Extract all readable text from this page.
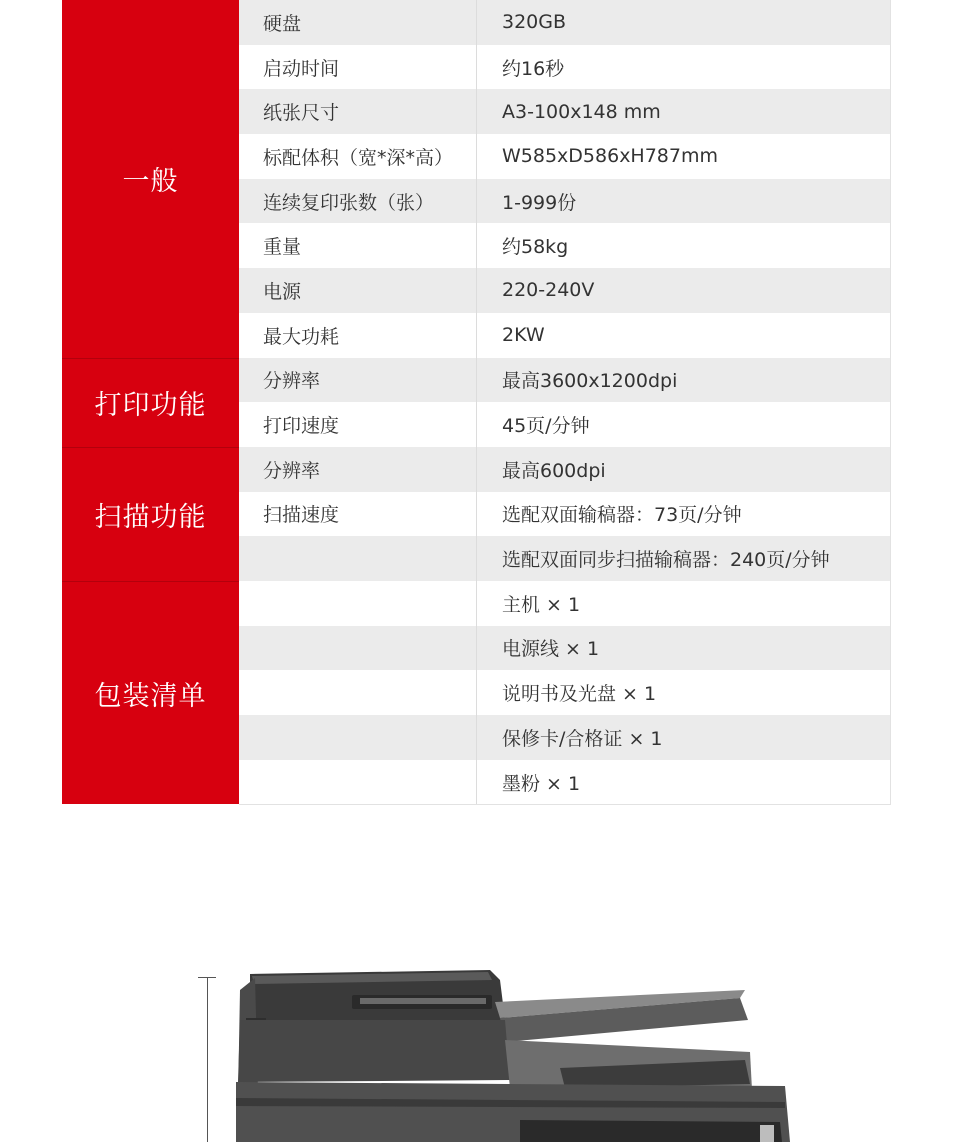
一般
硬盘	320GB
启动时间	约16秒
纸张尺寸	A3-100x148 mm
标配体积（宽*深*高）	W585xD586xH787mm
连续复印张数（张）	1-999份
重量	约58kg
电源	220-240V
最大功耗	2KW
打印功能
分辨率	最高3600x1200dpi
打印速度	45页/分钟
扫描功能
分辨率	最高600dpi
扫描速度	选配双面输稿器：73页/分钟
选配双面同步扫描输稿器：240页/分钟
包装清单
主机 × 1
电源线 × 1
说明书及光盘 × 1
保修卡/合格证 × 1
墨粉 × 1
